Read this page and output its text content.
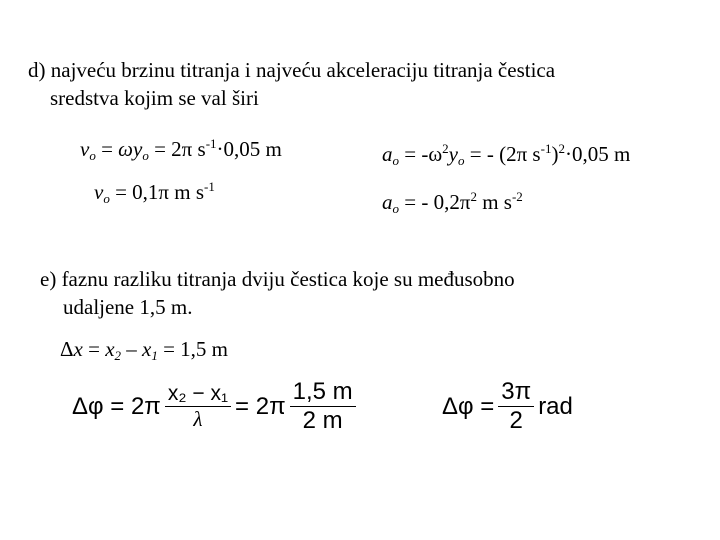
d) najveću brzinu titranja i najveću akceleraciju titranja čestica
sredstva kojim se val širi
$v_o = \omega y_o = 2\pi$ $s^{-1}\cdot 0,05$ m
$v_o = 0,1\pi$ m $s^{-1}$
$a_o = -\omega^2y_o$ = - (2π $s^{-1})^2\cdot 0,05$ m
$a_o$ = - $0,2\pi^2$ m $s^{-2}$
e) faznu razliku titranja dviju čestica koje su međusobno
udaljene 1,5 m.
$\Delta x = x_2 - x_1 = 1,5$ m
$\Delta\varphi = 2\pi \frac{\text{x₂ − x₁}}{\lambda} = 2\pi \frac{1,5 m}{2 m}$	$\Delta\varphi = \frac{3\pi}{2}$ rad
